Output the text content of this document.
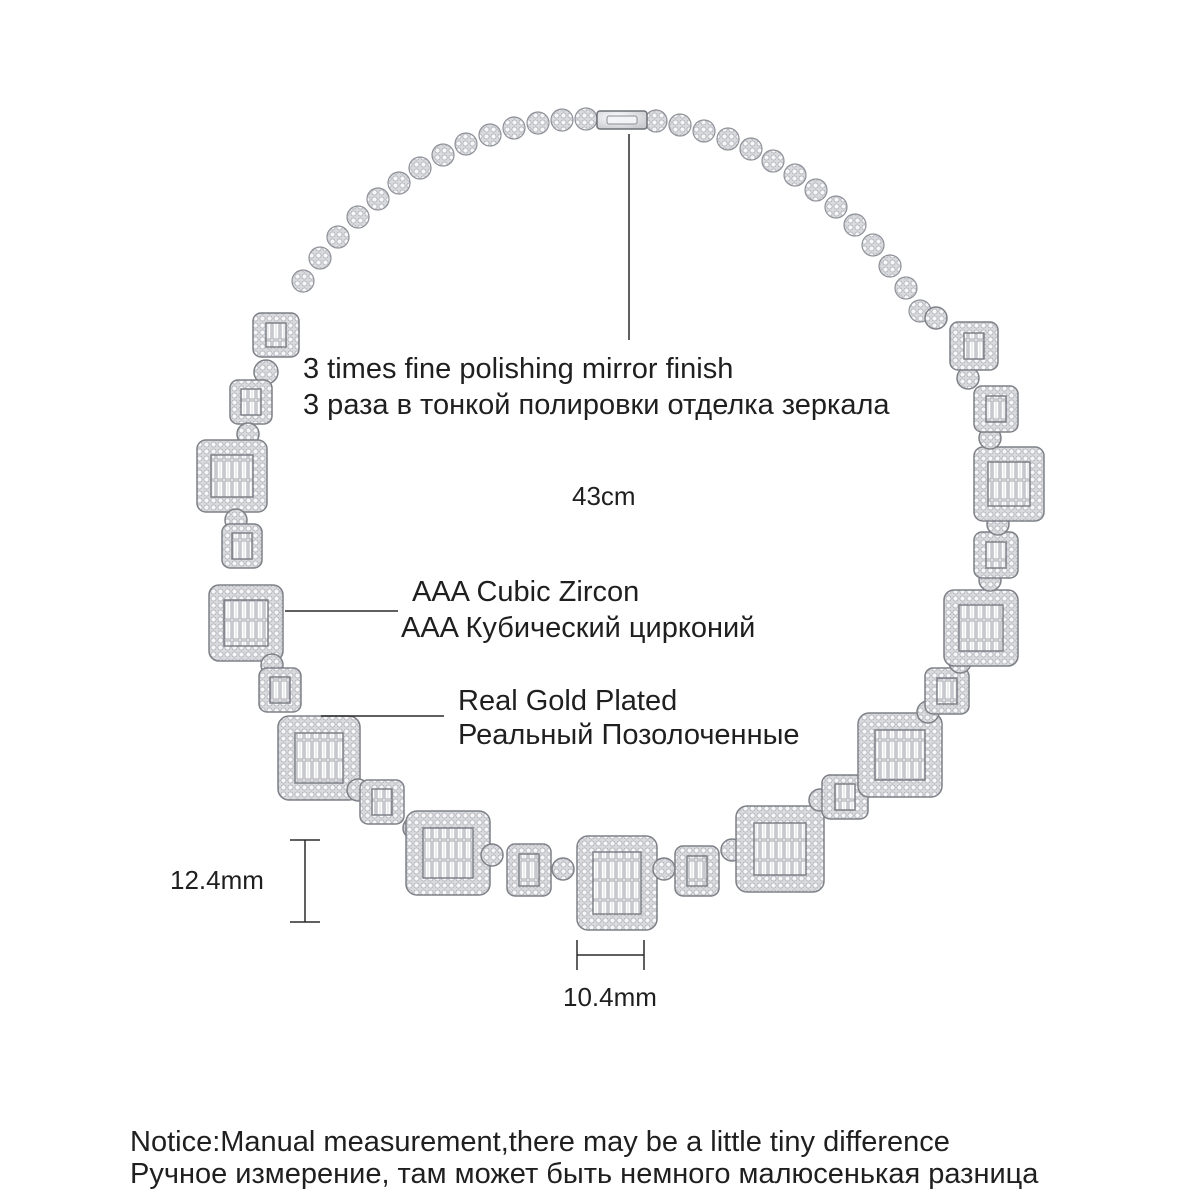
3 times fine polishing mirror finish
3 раза в тонкой полировки отделка зеркала
43cm
AAA Cubic Zircon
AAA Кубический цирконий
Real Gold Plated
Реальный Позолоченные
12.4mm
10.4mm
Notice:Manual measurement,there may be a little tiny difference
Ручное измерение, там может быть немного малюсенькая разница
